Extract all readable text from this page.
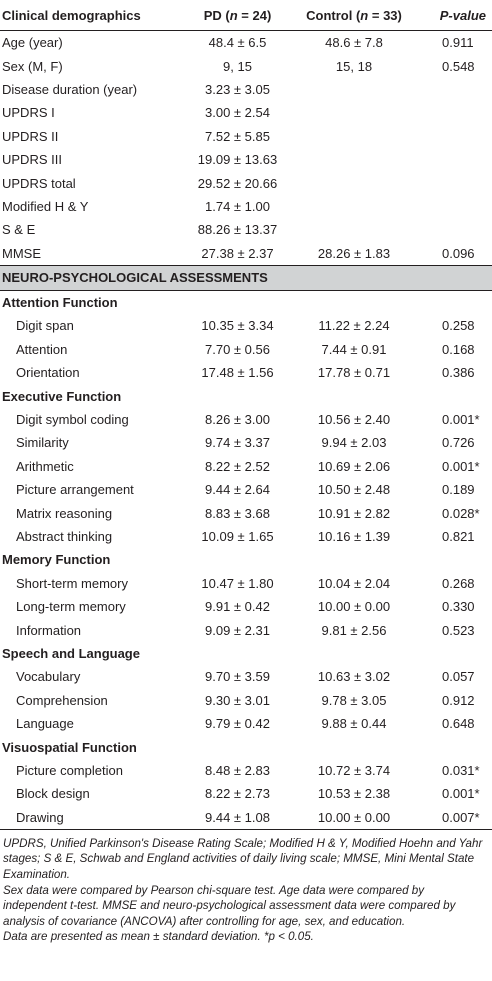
Clinical demographics	PD (n = 24)	Control (n = 33)	P-value
Age (year)	48.4 ± 6.5	48.6 ± 7.8	0.911
Sex (M, F)	9, 15	15, 18	0.548
Disease duration (year)	3.23 ± 3.05		
UPDRS I	3.00 ± 2.54		
UPDRS II	7.52 ± 5.85		
UPDRS III	19.09 ± 13.63		
UPDRS total	29.52 ± 20.66		
Modified H & Y	1.74 ± 1.00		
S & E	88.26 ± 13.37		
MMSE	27.38 ± 2.37	28.26 ± 1.83	0.096
NEURO-PSYCHOLOGICAL ASSESSMENTS			
Attention Function			
Digit span	10.35 ± 3.34	11.22 ± 2.24	0.258
Attention	7.70 ± 0.56	7.44 ± 0.91	0.168
Orientation	17.48 ± 1.56	17.78 ± 0.71	0.386
Executive Function			
Digit symbol coding	8.26 ± 3.00	10.56 ± 2.40	0.001*
Similarity	9.74 ± 3.37	9.94 ± 2.03	0.726
Arithmetic	8.22 ± 2.52	10.69 ± 2.06	0.001*
Picture arrangement	9.44 ± 2.64	10.50 ± 2.48	0.189
Matrix reasoning	8.83 ± 3.68	10.91 ± 2.82	0.028*
Abstract thinking	10.09 ± 1.65	10.16 ± 1.39	0.821
Memory Function			
Short-term memory	10.47 ± 1.80	10.04 ± 2.04	0.268
Long-term memory	9.91 ± 0.42	10.00 ± 0.00	0.330
Information	9.09 ± 2.31	9.81 ± 2.56	0.523
Speech and Language			
Vocabulary	9.70 ± 3.59	10.63 ± 3.02	0.057
Comprehension	9.30 ± 3.01	9.78 ± 3.05	0.912
Language	9.79 ± 0.42	9.88 ± 0.44	0.648
Visuospatial Function			
Picture completion	8.48 ± 2.83	10.72 ± 3.74	0.031*
Block design	8.22 ± 2.73	10.53 ± 2.38	0.001*
Drawing	9.44 ± 1.08	10.00 ± 0.00	0.007*

UPDRS, Unified Parkinson's Disease Rating Scale; Modified H & Y, Modified Hoehn and Yahr stages; S & E, Schwab and England activities of daily living scale; MMSE, Mini Mental State Examination.

Sex data were compared by Pearson chi-square test. Age data were compared by independent t-test. MMSE and neuro-psychological assessment data were compared by analysis of covariance (ANCOVA) after controlling for age, sex, and education.

Data are presented as mean ± standard deviation. *p < 0.05.
